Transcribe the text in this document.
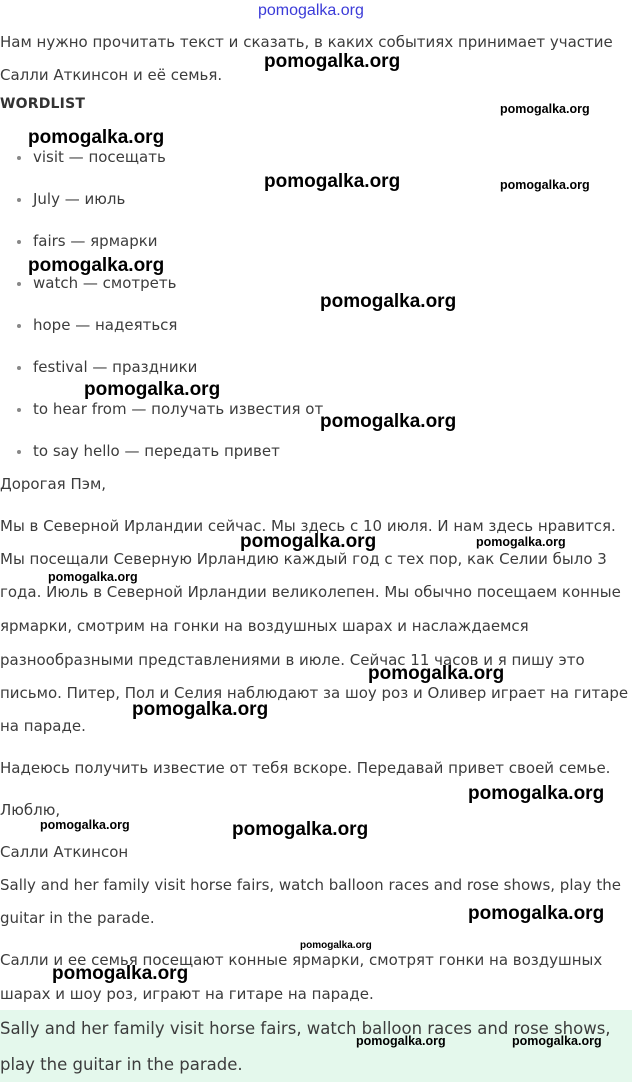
Нам нужно прочитать текст и сказать, в каких событиях принимает участие

Салли Аткинсон и её семья.

WORDLIST
visit — посещать
July — июль
fairs — ярмарки
watch — смотреть
hope — надеяться
festival — праздники
to hear from — получать известия от
to say hello — передать привет

Дорогая Пэм,

Мы в Северной Ирландии сейчас. Мы здесь с 10 июля. И нам здесь нравится.

Мы посещали Северную Ирландию каждый год с тех пор, как Селии было 3

года. Июль в Северной Ирландии великолепен. Мы обычно посещаем конные

ярмарки, смотрим на гонки на воздушных шарах и наслаждаемся

разнообразными представлениями в июле. Сейчас 11 часов и я пишу это

письмо. Питер, Пол и Селия наблюдают за шоу роз и Оливер играет на гитаре

на параде.

Надеюсь получить известие от тебя вскоре. Передавай привет своей семье.

Люблю,

Салли Аткинсон

Sally and her family visit horse fairs, watch balloon races and rose shows, play the

guitar in the parade.

Салли и ее семья посещают конные ярмарки, смотрят гонки на воздушных

шарах и шоу роз, играют на гитаре на параде.

Sally and her family visit horse fairs, watch balloon races and rose shows,
play the guitar in the parade.
pomogalka.org
pomogalka.org
pomogalka.org
pomogalka.org
pomogalka.org	pomogalka.org
pomogalka.org
pomogalka.org
pomogalka.org
pomogalka.org
pomogalka.org	pomogalka.org
pomogalka.org
pomogalka.org
pomogalka.org
pomogalka.org
pomogalka.org	pomogalka.org
pomogalka.org
pomogalka.org
pomogalka.org
pomogalka.org	pomogalka.org
